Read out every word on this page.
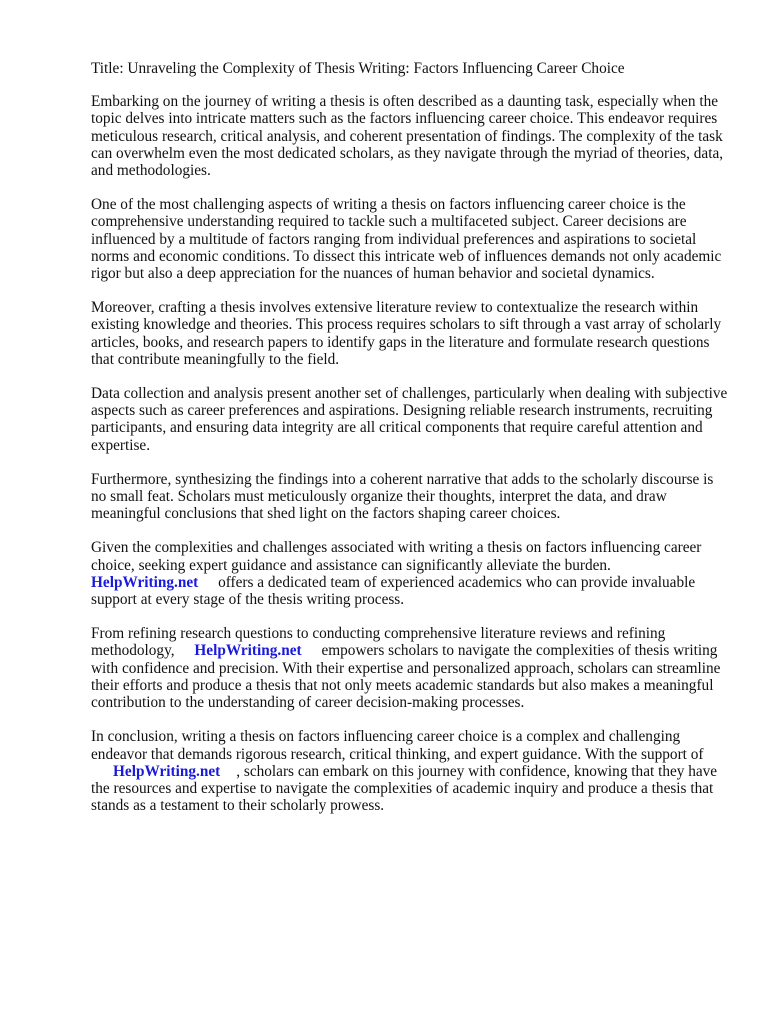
Title: Unraveling the Complexity of Thesis Writing: Factors Influencing Career Choice

Embarking on the journey of writing a thesis is often described as a daunting task, especially when the topic delves into intricate matters such as the factors influencing career choice. This endeavor requires meticulous research, critical analysis, and coherent presentation of findings. The complexity of the task can overwhelm even the most dedicated scholars, as they navigate through the myriad of theories, data, and methodologies.

One of the most challenging aspects of writing a thesis on factors influencing career choice is the comprehensive understanding required to tackle such a multifaceted subject. Career decisions are influenced by a multitude of factors ranging from individual preferences and aspirations to societal norms and economic conditions. To dissect this intricate web of influences demands not only academic rigor but also a deep appreciation for the nuances of human behavior and societal dynamics.

Moreover, crafting a thesis involves extensive literature review to contextualize the research within existing knowledge and theories. This process requires scholars to sift through a vast array of scholarly articles, books, and research papers to identify gaps in the literature and formulate research questions that contribute meaningfully to the field.

Data collection and analysis present another set of challenges, particularly when dealing with subjective aspects such as career preferences and aspirations. Designing reliable research instruments, recruiting participants, and ensuring data integrity are all critical components that require careful attention and expertise.

Furthermore, synthesizing the findings into a coherent narrative that adds to the scholarly discourse is no small feat. Scholars must meticulously organize their thoughts, interpret the data, and draw meaningful conclusions that shed light on the factors shaping career choices.

Given the complexities and challenges associated with writing a thesis on factors influencing career choice, seeking expert guidance and assistance can significantly alleviate the burden.
HelpWriting.net offers a dedicated team of experienced academics who can provide invaluable support at every stage of the thesis writing process.

From refining research questions to conducting comprehensive literature reviews and refining methodology, HelpWriting.net empowers scholars to navigate the complexities of thesis writing with confidence and precision. With their expertise and personalized approach, scholars can streamline their efforts and produce a thesis that not only meets academic standards but also makes a meaningful contribution to the understanding of career decision-making processes.

In conclusion, writing a thesis on factors influencing career choice is a complex and challenging endeavor that demands rigorous research, critical thinking, and expert guidance. With the support of
HelpWriting.net , scholars can embark on this journey with confidence, knowing that they have the resources and expertise to navigate the complexities of academic inquiry and produce a thesis that stands as a testament to their scholarly prowess.
